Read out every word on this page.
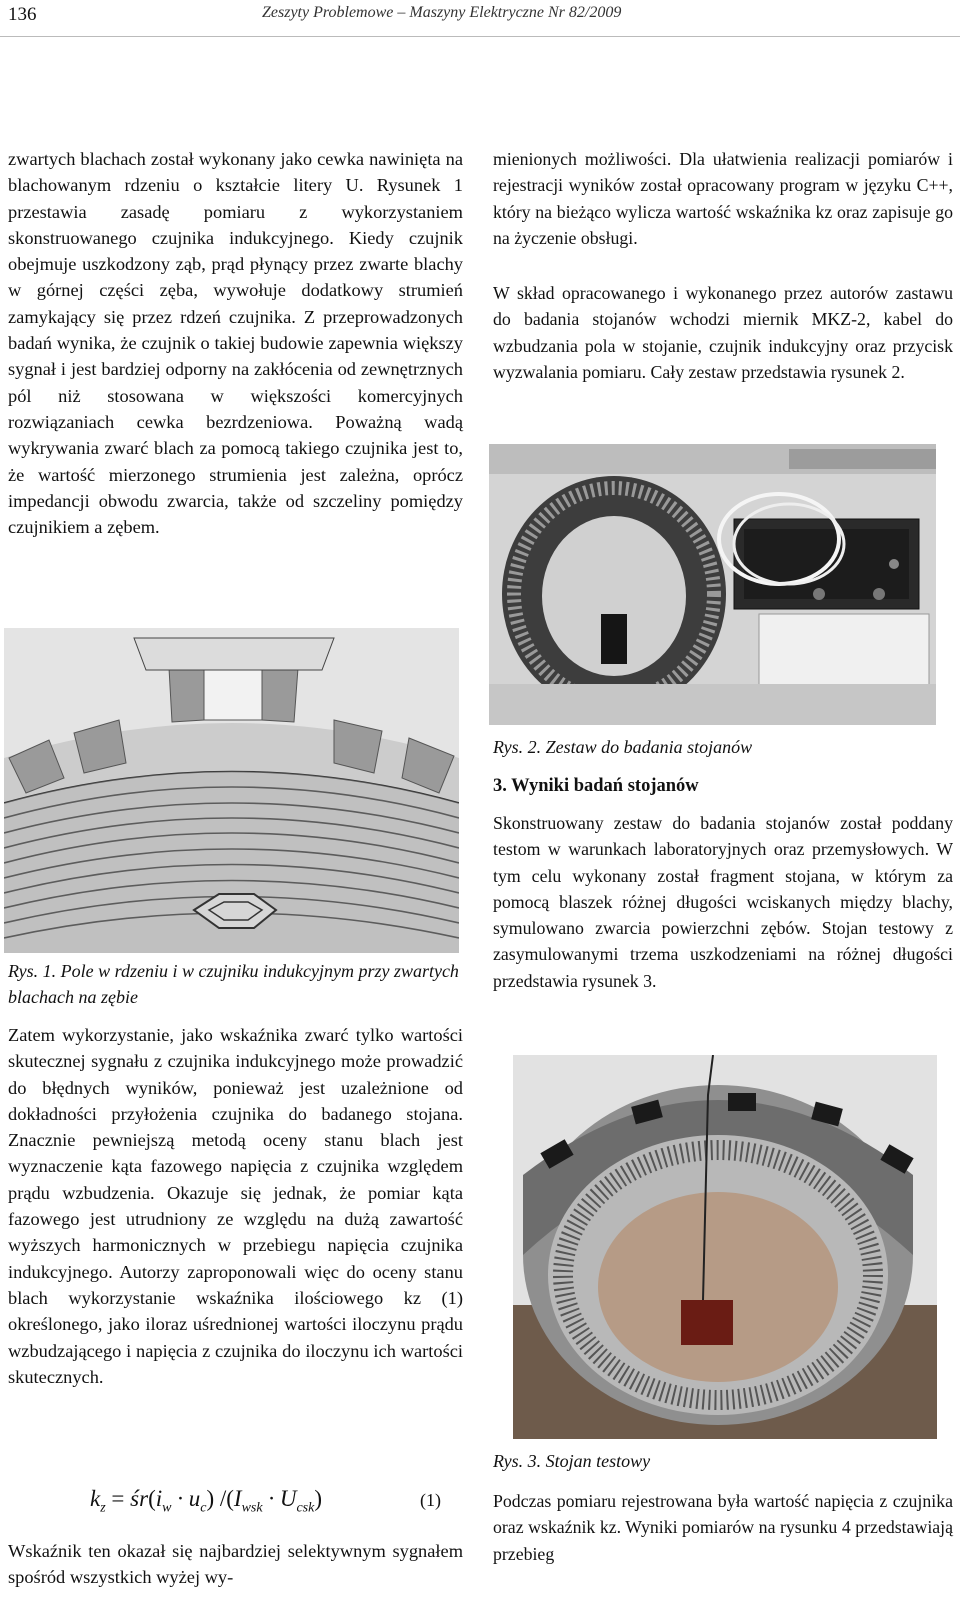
136	Zeszyty Problemowe – Maszyny Elektryczne Nr 82/2009
zwartych blachach został wykonany jako cewka nawinięta na blachowanym rdzeniu o kształcie litery U. Rysunek 1 przestawia zasadę pomiaru z wykorzystaniem skonstruowanego czujnika indukcyjnego. Kiedy czujnik obejmuje uszkodzony ząb, prąd płynący przez zwarte blachy w górnej części zęba, wywołuje dodatkowy strumień zamykający się przez rdzeń czujnika. Z przeprowadzonych badań wynika, że czujnik o takiej budowie zapewnia większy sygnał i jest bardziej odporny na zakłócenia od zewnętrznych pól niż stosowana w większości komercyjnych rozwiązaniach cewka bezrdzeniowa. Poważną wadą wykrywania zwarć blach za pomocą takiego czujnika jest to, że wartość mierzonego strumienia jest zależna, oprócz impedancji obwodu zwarcia, także od szczeliny pomiędzy czujnikiem a zębem.
Rys. 1. Pole w rdzeniu i w czujniku indukcyjnym przy zwartych blachach na zębie
Zatem wykorzystanie, jako wskaźnika zwarć tylko wartości skutecznej sygnału z czujnika indukcyjnego może prowadzić do błędnych wyników, ponieważ jest uzależnione od dokładności przyłożenia czujnika do badanego stojana. Znacznie pewniejszą metodą oceny stanu blach jest wyznaczenie kąta fazowego napięcia z czujnika względem prądu wzbudzenia. Okazuje się jednak, że pomiar kąta fazowego jest utrudniony ze względu na dużą zawartość wyższych harmonicznych w przebiegu napięcia czujnika indukcyjnego. Autorzy zaproponowali więc do oceny stanu blach wykorzystanie wskaźnika ilościowego kz (1) określonego, jako iloraz uśrednionej wartości iloczynu prądu wzbudzającego i napięcia z czujnika do iloczynu ich wartości skutecznych.
$k_z$ = $śr(i_w \cdot u_c) /(I_{wsk} \cdot U_{csk})$	(1)
Wskaźnik ten okazał się najbardziej selektywnym sygnałem spośród wszystkich wyżej wy-
mienionych możliwości. Dla ułatwienia realizacji pomiarów i rejestracji wyników został opracowany program w języku C++, który na bieżąco wylicza wartość wskaźnika kz oraz zapisuje go na życzenie obsługi.
W skład opracowanego i wykonanego przez autorów zastawu do badania stojanów wchodzi miernik MKZ-2, kabel do wzbudzania pola w stojanie, czujnik indukcyjny oraz przycisk wyzwalania pomiaru. Cały zestaw przedstawia rysunek 2.
Rys. 2. Zestaw do badania stojanów
3. Wyniki badań stojanów
Skonstruowany zestaw do badania stojanów został poddany testom w warunkach laboratoryjnych oraz przemysłowych. W tym celu wykonany został fragment stojana, w którym za pomocą blaszek różnej długości wciskanych między blachy, symulowano zwarcia powierzchni zębów. Stojan testowy z zasymulowanymi trzema uszkodzeniami na różnej długości przedstawia rysunek 3.
Rys. 3. Stojan testowy
Podczas pomiaru rejestrowana była wartość napięcia z czujnika oraz wskaźnik kz. Wyniki pomiarów na rysunku 4 przedstawiają przebieg
